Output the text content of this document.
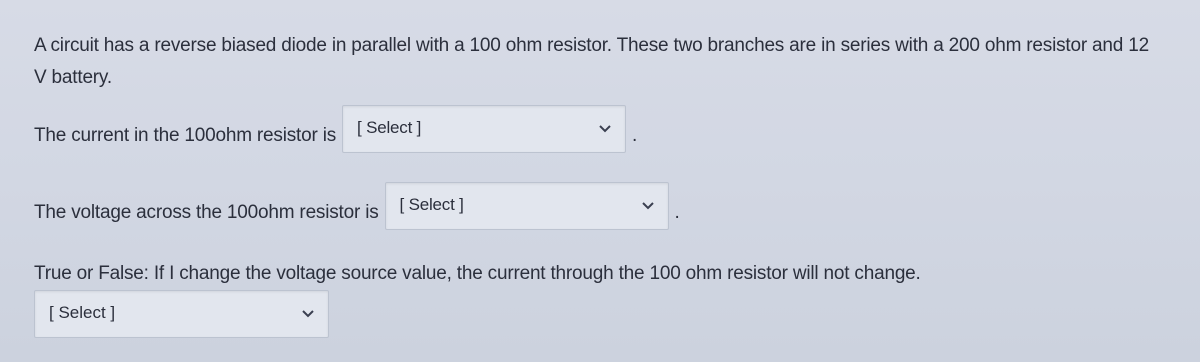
A circuit has a reverse biased diode in parallel with a 100 ohm resistor. These two branches are in series with a 200 ohm resistor and 12 V battery.
The current in the 100ohm resistor is [ Select ]	.
The voltage across the 100ohm resistor is [ Select ]	.
True or False: If I change the voltage source value, the current through the 100 ohm resistor will not change.
[ Select ]
